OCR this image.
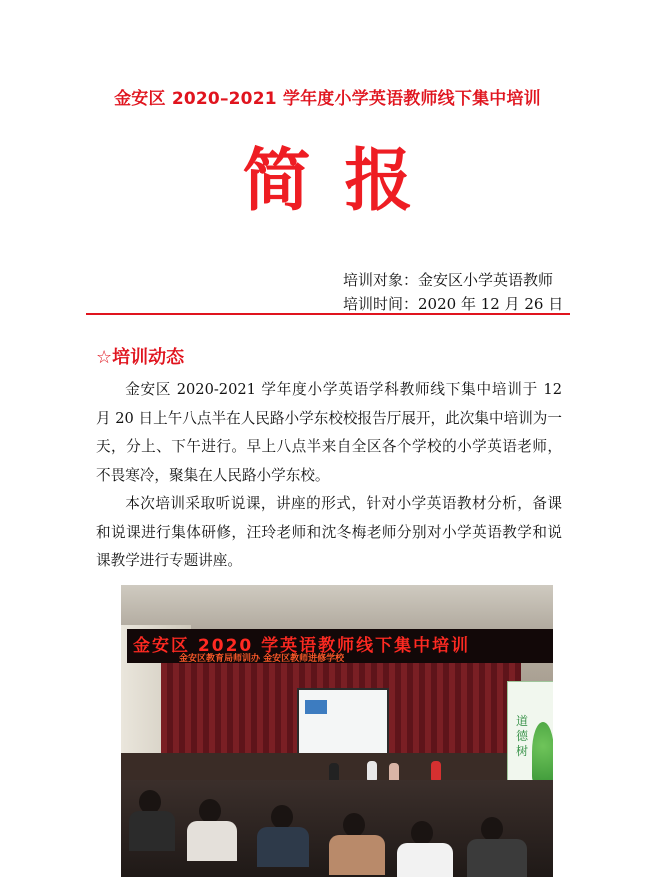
金安区 2020–2021 学年度小学英语教师线下集中培训
简报
培训对象：金安区小学英语教师
培训时间：2020 年 12 月 26 日
☆培训动态

金安区 2020-2021 学年度小学英语学科教师线下集中培训于 12 月 20 日上午八点半在人民路小学东校校报告厅展开，此次集中培训为一天，分上、下午进行。早上八点半来自全区各个学校的小学英语老师，不畏寒冷，聚集在人民路小学东校。

本次培训采取听说课，讲座的形式，针对小学英语教材分析，备课和说课进行集体研修，汪玲老师和沈冬梅老师分别对小学英语教学和说课教学进行专题讲座。

金安区 2020 学英语教师线下集中培训
金安区教育局师训办 金安区教师进修学校
道德树
